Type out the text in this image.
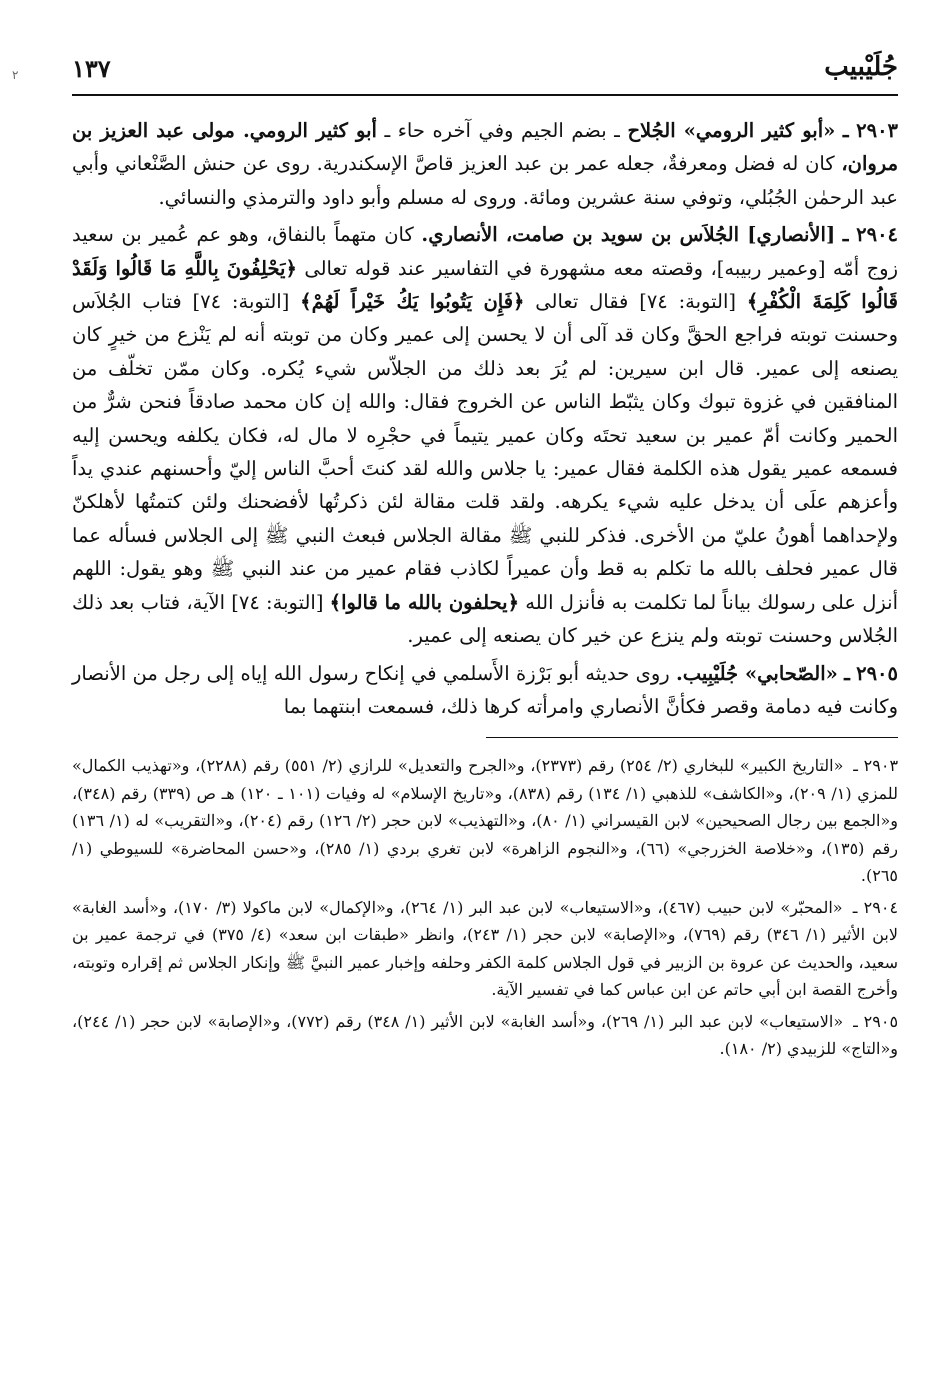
٢	جُلَيْبيب
١٣٧

٢٩٠٣ ـ «أبو كثير الرومي» الجُلاح ـ بضم الجيم وفي آخره حاء ـ أبو كثير الرومي. مولى عبد العزيز بن مروان، كان له فضل ومعرفةٌ، جعله عمر بن عبد العزيز قاصَّ الإسكندرية. روى عن حنش الصَّنْعاني وأبي عبد الرحمٰن الجُبُلي، وتوفي سنة عشرين ومائة. وروى له مسلم وأبو داود والترمذي والنسائي.

٢٩٠٤ ـ [الأنصاري] الجُلاَس بن سويد بن صامت، الأنصاري. كان متهماً بالنفاق، وهو عم عُمير بن سعيد زوج أمّه [وعمير ربيبه]، وقصته معه مشهورة في التفاسير عند قوله تعالى ﴿يَحْلِفُونَ بِاللَّهِ مَا قَالُوا وَلَقَدْ قَالُوا كَلِمَةَ الْكُفْرِ﴾ [التوبة: ٧٤] فقال تعالى ﴿فَإِن يَتُوبُوا يَكُ خَيْراً لَهُمْ﴾ [التوبة: ٧٤] فتاب الجُلاَس وحسنت توبته فراجع الحقَّ وكان قد آلى أن لا يحسن إلى عمير وكان من توبته أنه لم يَنْزع من خيرٍ كان يصنعه إلى عمير. قال ابن سيرين: لم يُرَ بعد ذلك من الجلاّس شيء يُكره. وكان ممّن تخلّف من المنافقين في غزوة تبوك وكان يثبّط الناس عن الخروج فقال: والله إن كان محمد صادقاً فنحن شرٌّ من الحمير وكانت أمّ عمير بن سعيد تحتَه وكان عمير يتيماً في حجْرِه لا مال له، فكان يكلفه ويحسن إليه فسمعه عمير يقول هذه الكلمة فقال عمير: يا جلاس والله لقد كنتَ أحبَّ الناس إليّ وأحسنهم عندي يداً وأعزهم علَى أن يدخل عليه شيء يكرهه. ولقد قلت مقالة لئن ذكرتُها لأفضحنك ولئن كتمتُها لأهلكنّ ولإحداهما أهونُ عليّ من الأخرى. فذكر للنبي ﷺ مقالة الجلاس فبعث النبي ﷺ إلى الجلاس فسأله عما قال عمير فحلف بالله ما تكلم به قط وأن عميراً لكاذب فقام عمير من عند النبي ﷺ وهو يقول: اللهم أنزل على رسولك بياناً لما تكلمت به فأنزل الله ﴿يحلفون بالله ما قالوا﴾ [التوبة: ٧٤] الآية، فتاب بعد ذلك الجُلاس وحسنت توبته ولم ينزع عن خير كان يصنعه إلى عمير.

٢٩٠٥ ـ «الصّحابي» جُلَيْبِيب. روى حديثه أبو بَرْزة الأَسلمي في إنكاح رسول الله إياه إلى رجل من الأنصار وكانت فيه دمامة وقصر فكأنَّ الأنصاري وامرأته كرها ذلك، فسمعت ابنتهما بما

٢٩٠٣ ـ «التاريخ الكبير» للبخاري (٢/ ٢٥٤) رقم (٢٣٧٣)، و«الجرح والتعديل» للرازي (٢/ ٥٥١) رقم (٢٢٨٨)، و«تهذيب الكمال» للمزي (١/ ٢٠٩)، و«الكاشف» للذهبي (١/ ١٣٤) رقم (٨٣٨)، و«تاريخ الإسلام» له وفيات (١٠١ ـ ١٢٠) هـ ص (٣٣٩) رقم (٣٤٨)، و«الجمع بين رجال الصحيحين» لابن القيسراني (١/ ٨٠)، و«التهذيب» لابن حجر (٢/ ١٢٦) رقم (٢٠٤)، و«التقريب» له (١/ ١٣٦) رقم (١٣٥)، و«خلاصة الخزرجي» (٦٦)، و«النجوم الزاهرة» لابن تغري بردي (١/ ٢٨٥)، و«حسن المحاضرة» للسيوطي (١/ ٢٦٥).

٢٩٠٤ ـ «المحبّر» لابن حبيب (٤٦٧)، و«الاستيعاب» لابن عبد البر (١/ ٢٦٤)، و«الإكمال» لابن ماكولا (٣/ ١٧٠)، و«أسد الغابة» لابن الأثير (١/ ٣٤٦) رقم (٧٦٩)، و«الإصابة» لابن حجر (١/ ٢٤٣)، وانظر «طبقات ابن سعد» (٤/ ٣٧٥) في ترجمة عمير بن سعيد، والحديث عن عروة بن الزبير في قول الجلاس كلمة الكفر وحلفه وإخبار عمير النبيَّ ﷺ وإنكار الجلاس ثم إقراره وتوبته، وأخرج القصة ابن أبي حاتم عن ابن عباس كما في تفسير الآية.

٢٩٠٥ ـ «الاستيعاب» لابن عبد البر (١/ ٢٦٩)، و«أسد الغابة» لابن الأثير (١/ ٣٤٨) رقم (٧٧٢)، و«الإصابة» لابن حجر (١/ ٢٤٤)، و«التاج» للزبيدي (٢/ ١٨٠).
